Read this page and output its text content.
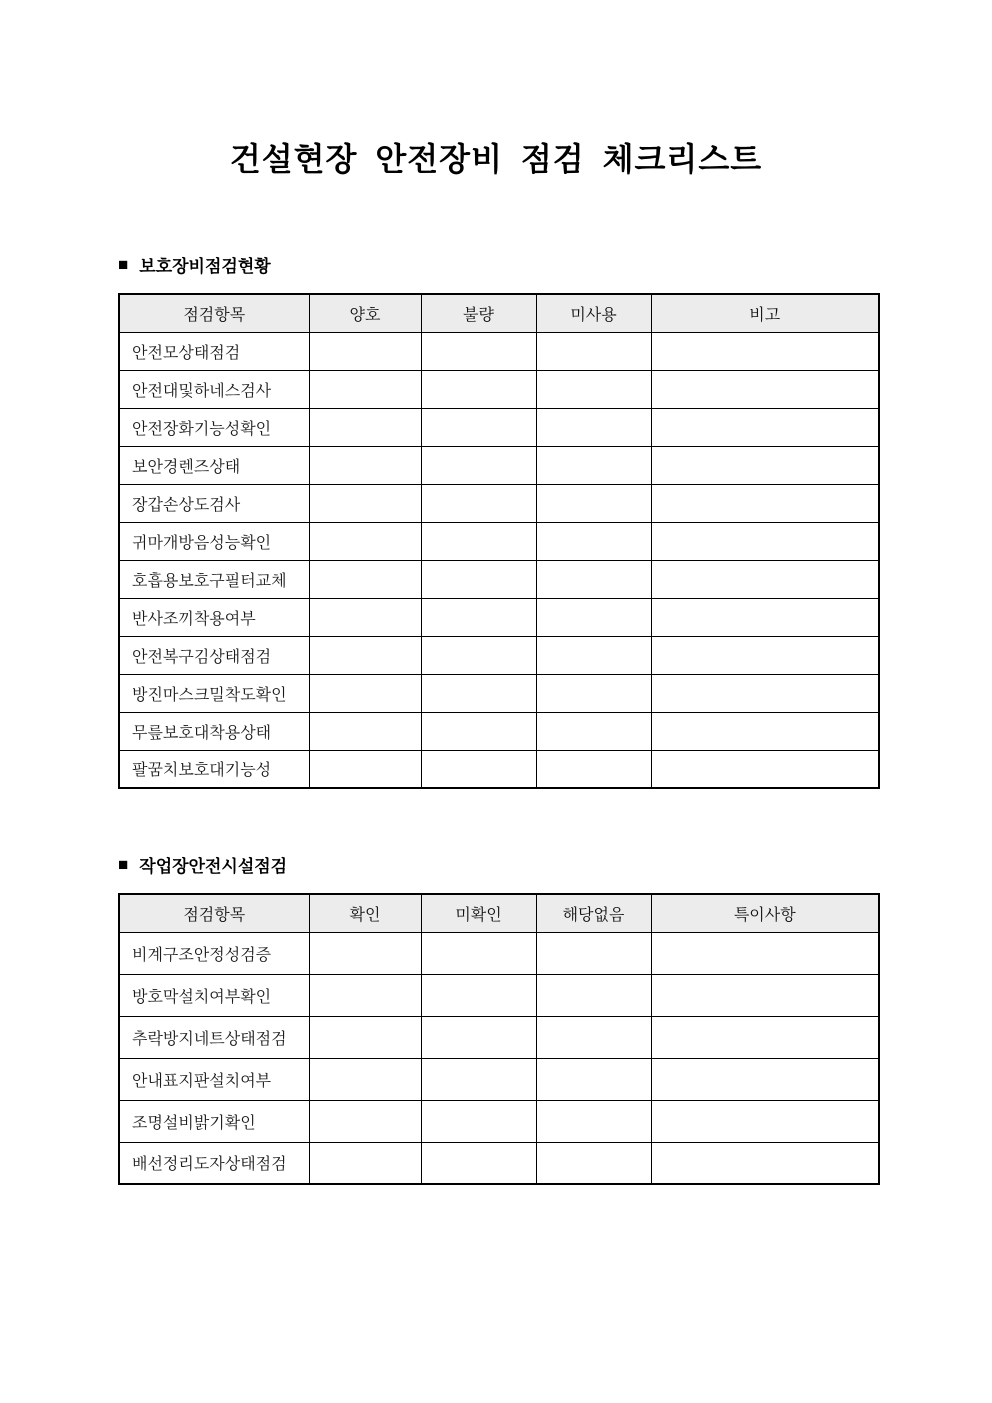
건설현장 안전장비 점검 체크리스트
■ 보호장비점검현황
점검항목	양호	불량	미사용	비고
안전모상태점검				
안전대및하네스검사				
안전장화기능성확인				
보안경렌즈상태				
장갑손상도검사				
귀마개방음성능확인				
호흡용보호구필터교체				
반사조끼착용여부				
안전복구김상태점검				
방진마스크밀착도확인				
무릎보호대착용상태				
팔꿈치보호대기능성				
■ 작업장안전시설점검
점검항목	확인	미확인	해당없음	특이사항
비계구조안정성검증				
방호막설치여부확인				
추락방지네트상태점검				
안내표지판설치여부				
조명설비밝기확인				
배선정리도자상태점검				
